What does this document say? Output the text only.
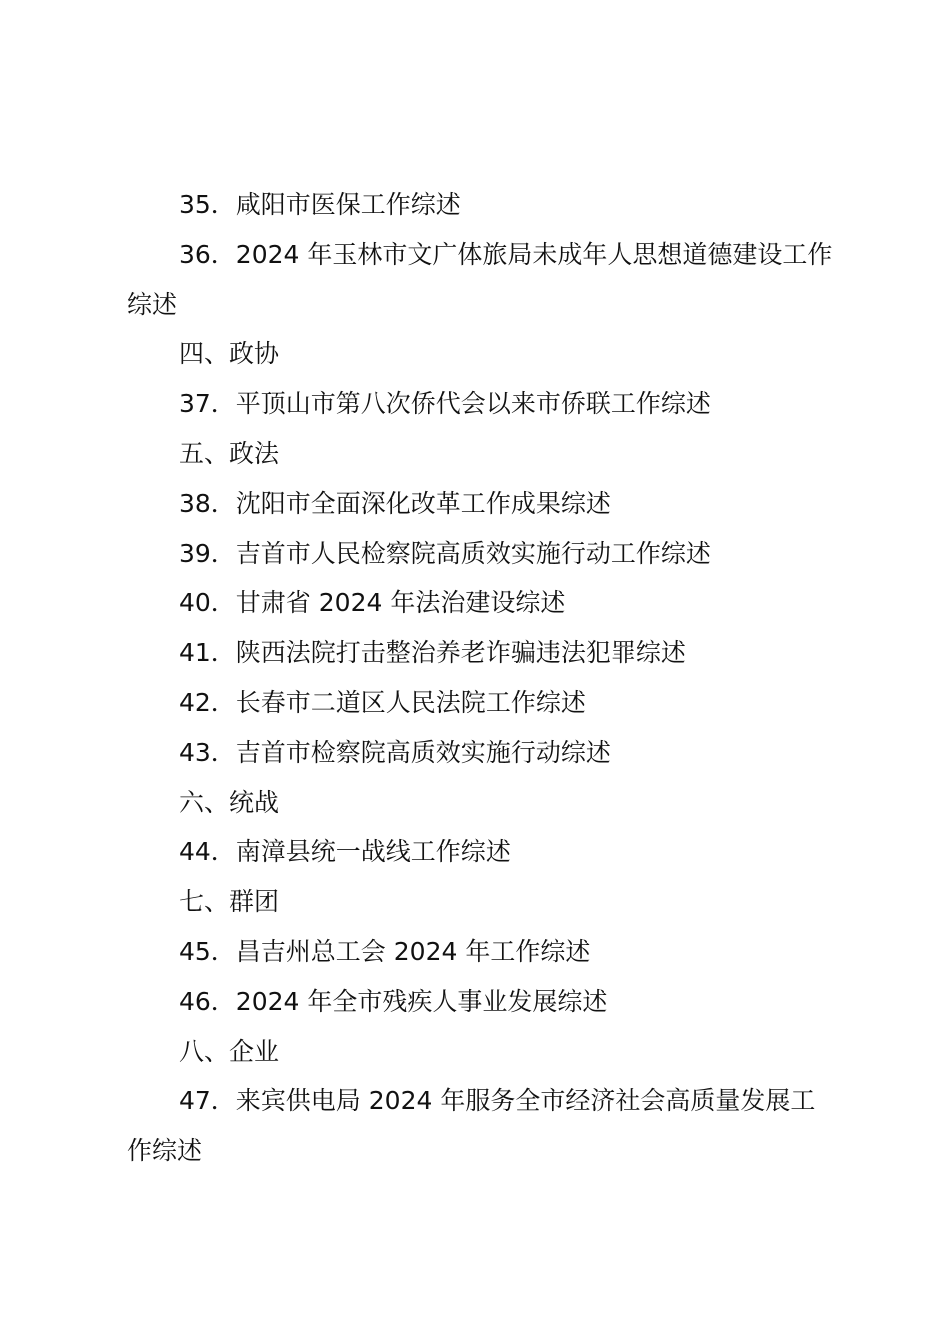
35．咸阳市医保工作综述
36．2024 年玉林市文广体旅局未成年人思想道德建设工作综述
四、政协
37．平顶山市第八次侨代会以来市侨联工作综述
五、政法
38．沈阳市全面深化改革工作成果综述
39．吉首市人民检察院高质效实施行动工作综述
40．甘肃省 2024 年法治建设综述
41．陕西法院打击整治养老诈骗违法犯罪综述
42．长春市二道区人民法院工作综述
43．吉首市检察院高质效实施行动综述
六、统战
44．南漳县统一战线工作综述
七、群团
45．昌吉州总工会 2024 年工作综述
46．2024 年全市残疾人事业发展综述
八、企业
47．来宾供电局 2024 年服务全市经济社会高质量发展工作综述
